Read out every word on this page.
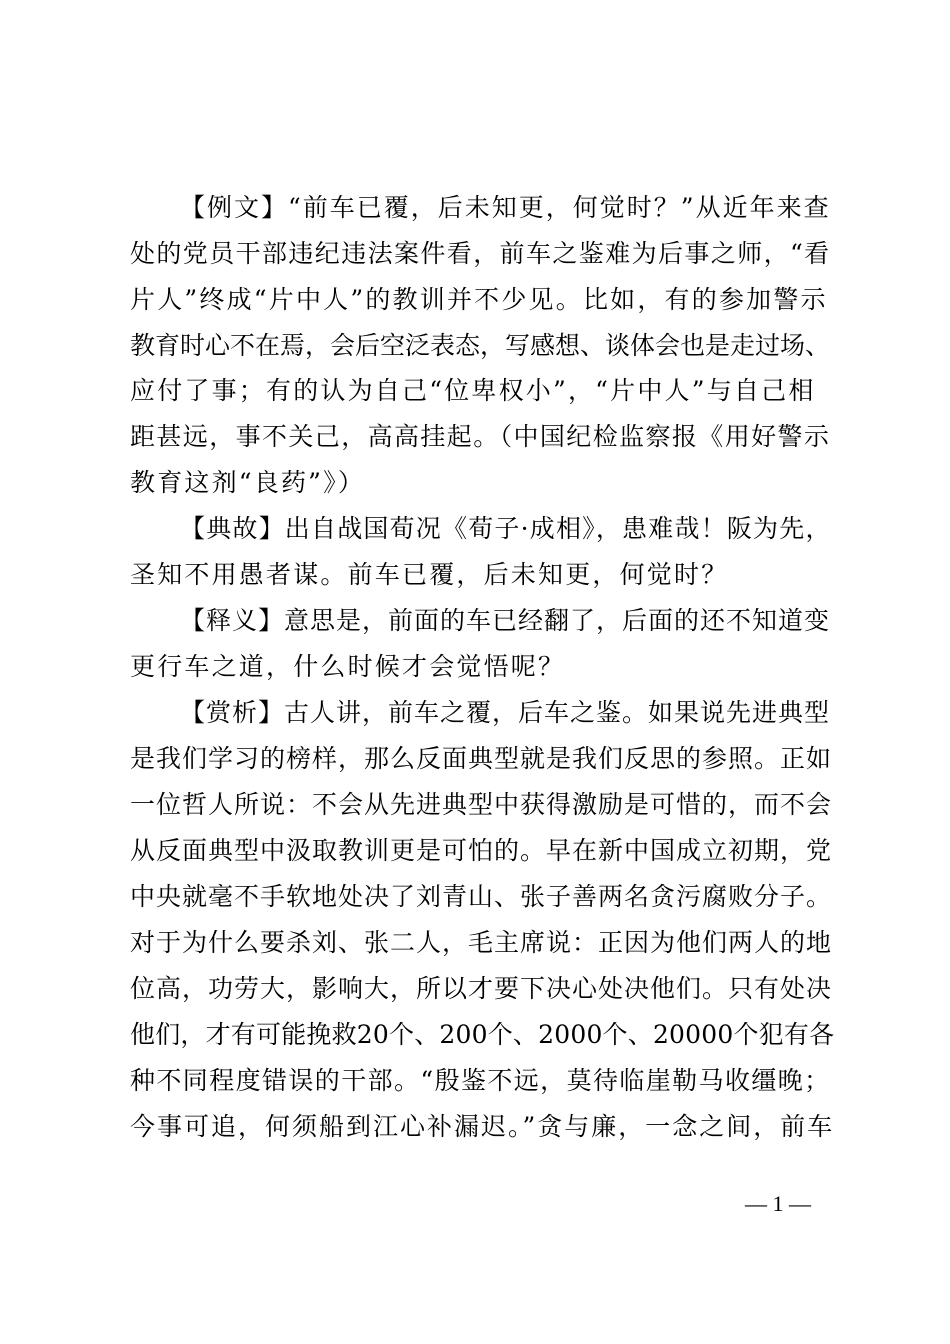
【例文】“前车已覆，后未知更，何觉时？”从近年来查
处的党员干部违纪违法案件看，前车之鉴难为后事之师，“看
片人”终成“片中人”的教训并不少见。比如，有的参加警示
教育时心不在焉，会后空泛表态，写感想、谈体会也是走过场、
应付了事；有的认为自己“位卑权小”，“片中人”与自己相
距甚远，事不关己，高高挂起。（中国纪检监察报《用好警示
教育这剂“良药”》）
【典故】出自战国荀况《荀子·成相》，患难哉！阪为先，
圣知不用愚者谋。前车已覆，后未知更，何觉时？
【释义】意思是，前面的车已经翻了，后面的还不知道变
更行车之道，什么时候才会觉悟呢？
【赏析】古人讲，前车之覆，后车之鉴。如果说先进典型
是我们学习的榜样，那么反面典型就是我们反思的参照。正如
一位哲人所说：不会从先进典型中获得激励是可惜的，而不会
从反面典型中汲取教训更是可怕的。早在新中国成立初期，党
中央就毫不手软地处决了刘青山、张子善两名贪污腐败分子。
对于为什么要杀刘、张二人，毛主席说：正因为他们两人的地
位高，功劳大，影响大，所以才要下决心处决他们。只有处决
他们，才有可能挽救20个、200个、2000个、20000个犯有各
种不同程度错误的干部。“殷鉴不远，莫待临崖勒马收缰晚；
今事可追，何须船到江心补漏迟。”贪与廉，一念之间，前车
— 1 —
